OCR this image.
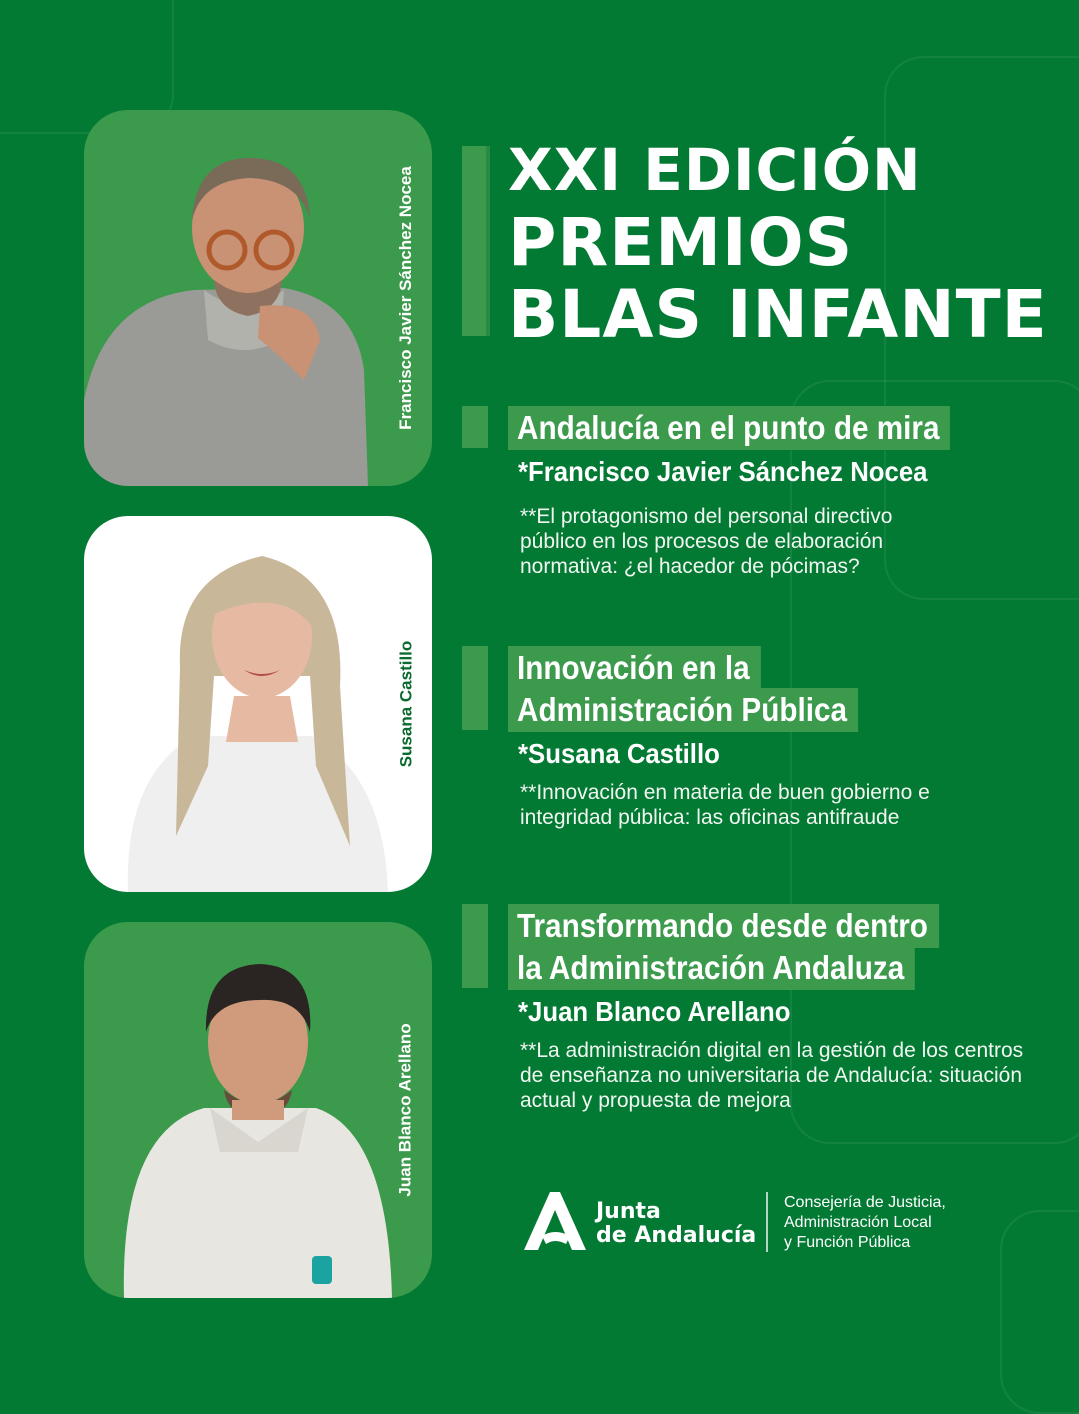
Francisco Javier Sánchez Nocea
Susana Castillo
Juan Blanco Arellano
XXI EDICIÓN
PREMIOS
BLAS INFANTE
Andalucía en el punto de mira
*Francisco Javier Sánchez Nocea
**El protagonismo del personal directivo público en los procesos de elaboración normativa: ¿el hacedor de pócimas?
Innovación en la
Administración Pública
*Susana Castillo
**Innovación en materia de buen gobierno e integridad pública: las oficinas antifraude
Transformando desde dentro
la Administración Andaluza
*Juan Blanco Arellano
**La administración digital en la gestión de los centros de enseñanza no universitaria de Andalucía: situación actual y propuesta de mejora
Junta
de Andalucía
Consejería de Justicia,
Administración Local
y Función Pública
